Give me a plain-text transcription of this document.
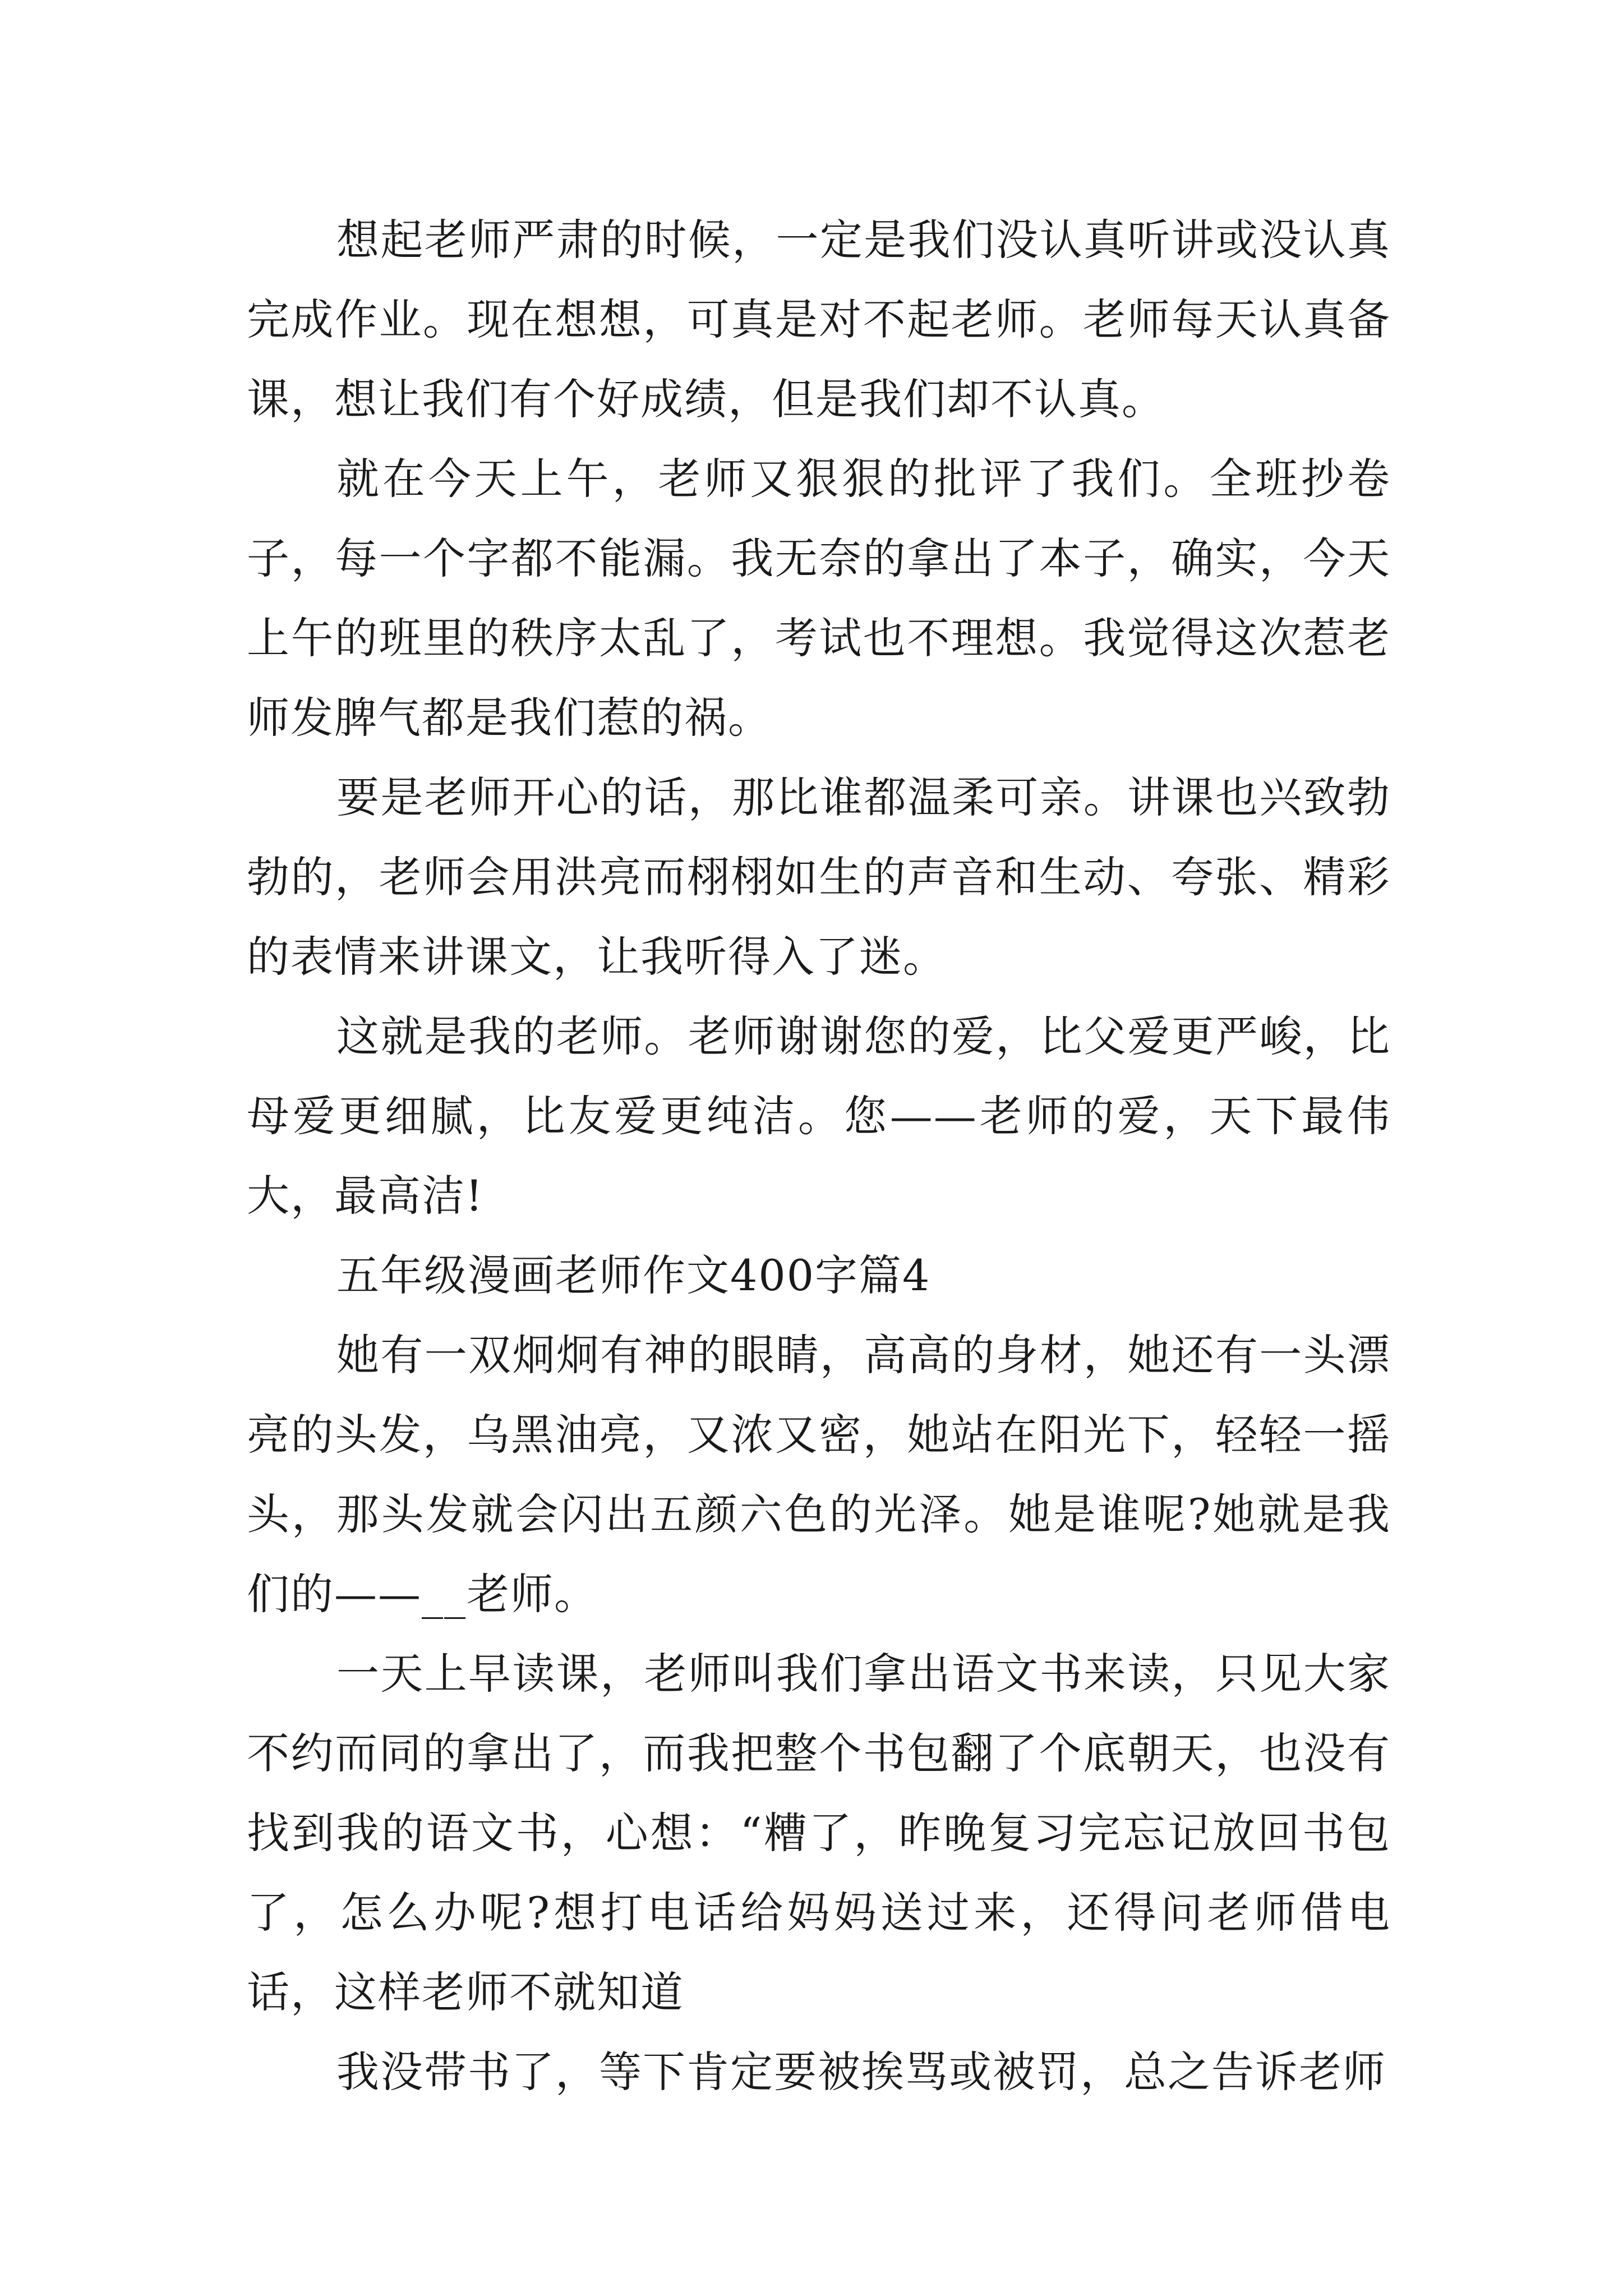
想起老师严肃的时候，一定是我们没认真听讲或没认真完成作业。现在想想，可真是对不起老师。老师每天认真备课，想让我们有个好成绩，但是我们却不认真。

就在今天上午，老师又狠狠的批评了我们。全班抄卷子，每一个字都不能漏。我无奈的拿出了本子，确实，今天上午的班里的秩序太乱了，考试也不理想。我觉得这次惹老师发脾气都是我们惹的祸。

要是老师开心的话，那比谁都温柔可亲。讲课也兴致勃勃的，老师会用洪亮而栩栩如生的声音和生动、夸张、精彩的表情来讲课文，让我听得入了迷。

这就是我的老师。老师谢谢您的爱，比父爱更严峻，比母爱更细腻，比友爱更纯洁。您——老师的爱，天下最伟大，最高洁!

五年级漫画老师作文400字篇4

她有一双炯炯有神的眼睛，高高的身材，她还有一头漂亮的头发，乌黑油亮，又浓又密，她站在阳光下，轻轻一摇头，那头发就会闪出五颜六色的光泽。她是谁呢?她就是我们的——__老师。

一天上早读课，老师叫我们拿出语文书来读，只见大家不约而同的拿出了，而我把整个书包翻了个底朝天，也没有找到我的语文书，心想：“糟了，昨晚复习完忘记放回书包了，怎么办呢?想打电话给妈妈送过来，还得问老师借电话，这样老师不就知道

我没带书了，等下肯定要被挨骂或被罚，总之告诉老师
